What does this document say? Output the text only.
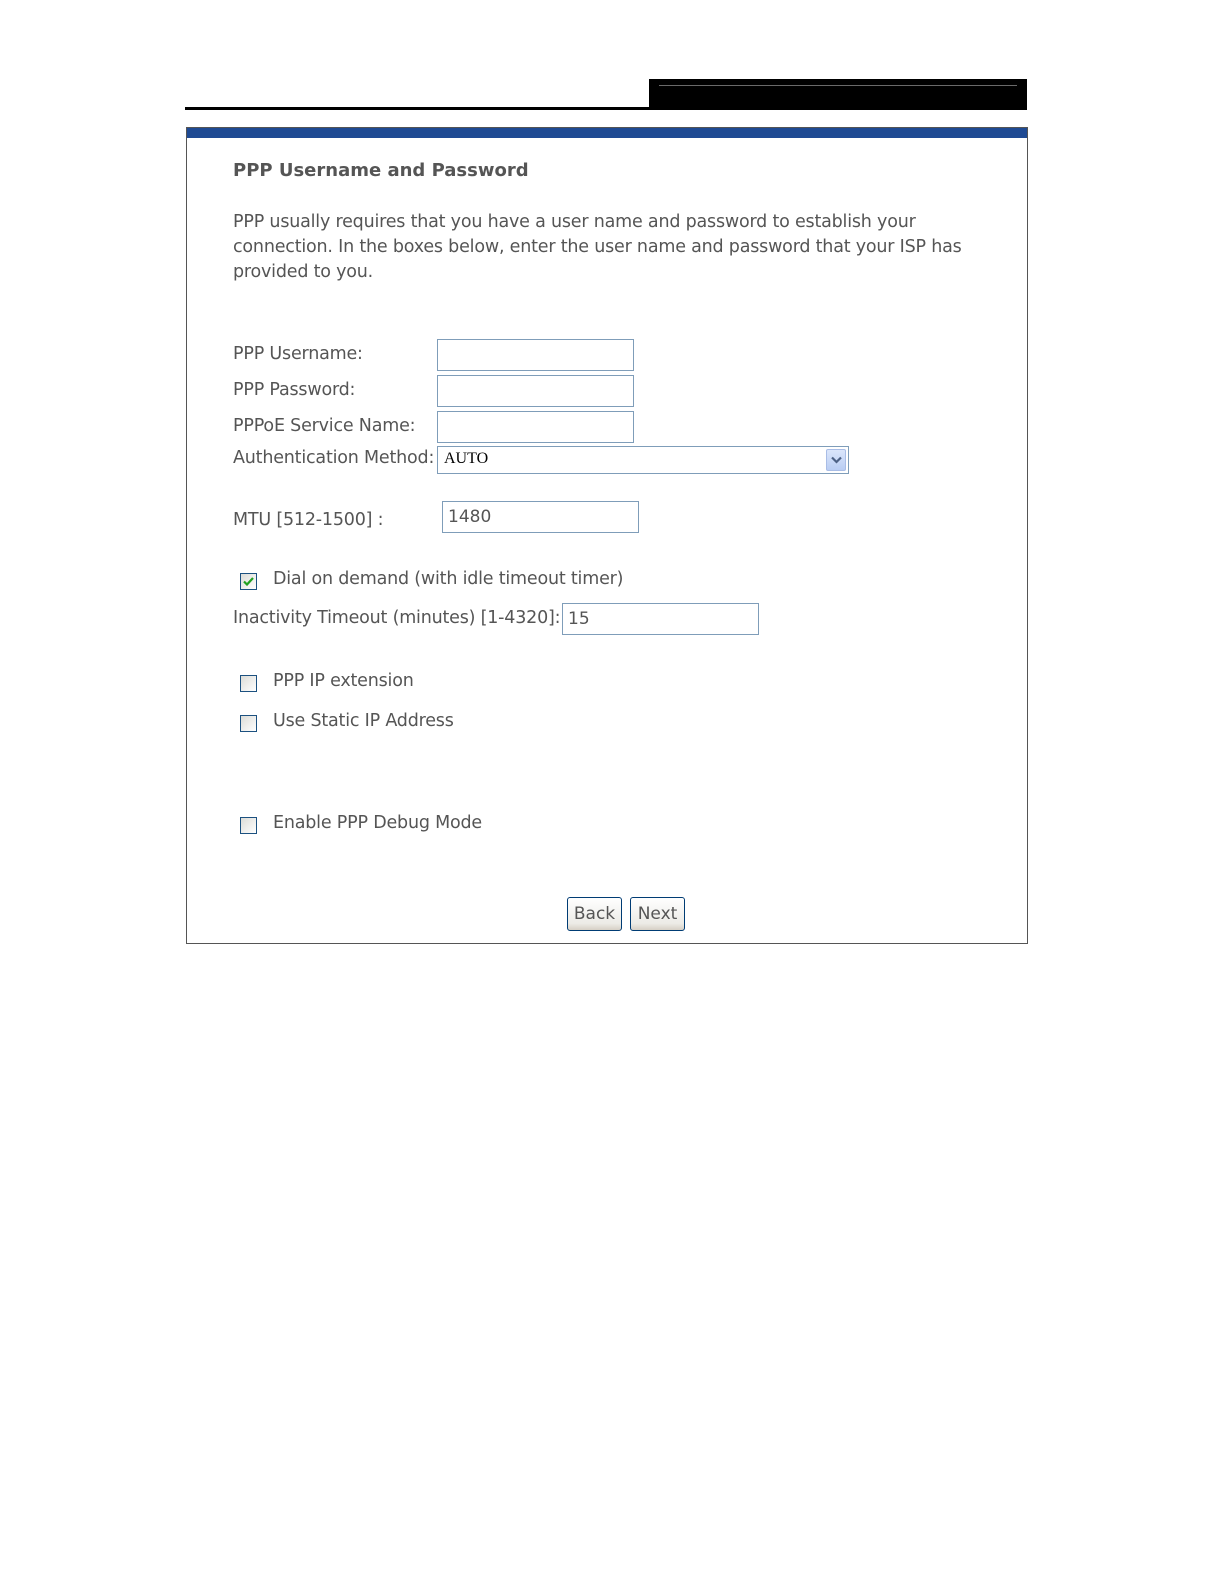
PPP Username and Password
PPP usually requires that you have a user name and password to establish your connection. In the boxes below, enter the user name and password that your ISP has provided to you.
PPP Username:
PPP Password:
PPPoE Service Name:
Authentication Method: AUTO
MTU [512-1500] :	1480
Dial on demand (with idle timeout timer)
Inactivity Timeout (minutes) [1-4320]: 15
PPP IP extension
Use Static IP Address
Enable PPP Debug Mode
Back	Next
